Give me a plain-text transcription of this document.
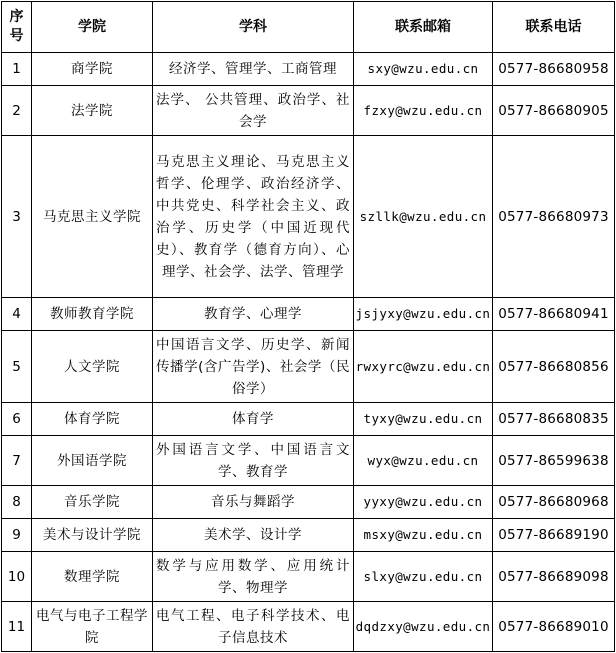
序号	学院	学科	联系邮箱	联系电话
1	商学院	经济学、管理学、工商管理	sxy@wzu.edu.cn	0577-86680958
2	法学院	法学、 公共管理、政治学、社会学	fzxy@wzu.edu.cn	0577-86680905
3	马克思主义学院	马克思主义理论、马克思主义哲学、伦理学、政治经济学、中共党史、科学社会主义、政治学、历史学（中国近现代史）、教育学（德育方向）、心理学、社会学、法学、管理学	szllk@wzu.edu.cn	0577-86680973
4	教师教育学院	教育学、心理学	jsjyxy@wzu.edu.cn	0577-86680941
5	人文学院	中国语言文学、历史学、新闻传播学(含广告学)、社会学（民俗学）	rwxyrc@wzu.edu.cn	0577-86680856
6	体育学院	体育学	tyxy@wzu.edu.cn	0577-86680835
7	外国语学院	外国语言文学、中国语言文学、教育学	wyx@wzu.edu.cn	0577-86599638
8	音乐学院	音乐与舞蹈学	yyxy@wzu.edu.cn	0577-86680968
9	美术与设计学院	美术学、设计学	msxy@wzu.edu.cn	0577-86689190
10	数理学院	数学与应用数学、应用统计学、物理学	slxy@wzu.edu.cn	0577-86689098
11	电气与电子工程学院	电气工程、电子科学技术、电子信息技术	dqdzxy@wzu.edu.cn	0577-86689010
